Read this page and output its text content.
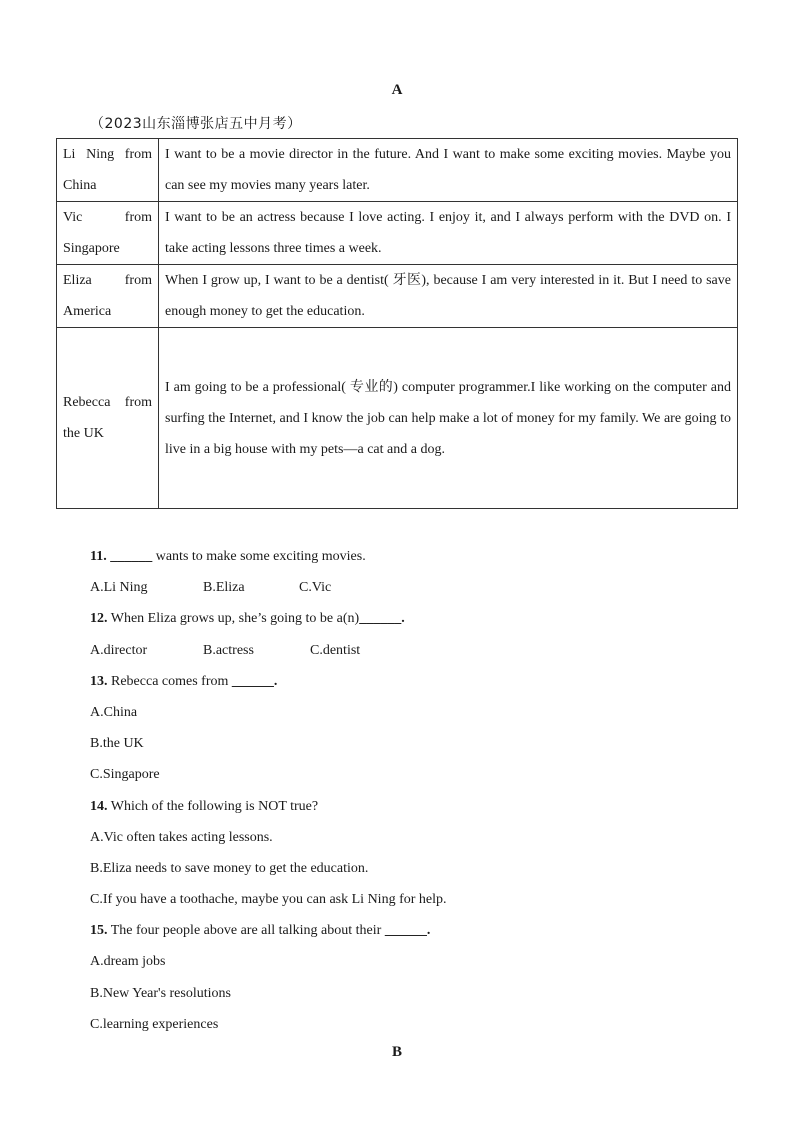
A
（2023山东淄博张店五中月考）
Li Ning from China	I want to be a movie director in the future. And I want to make some exciting movies. Maybe you can see my movies many years later.
Vic from Singapore	I want to be an actress because I love acting. I enjoy it, and I always perform with the DVD on. I take acting lessons three times a week.
Eliza from America	When I grow up, I want to be a dentist( 牙医), because I am very interested in it. But I need to save enough money to get the education.
Rebecca from the UK	I am going to be a professional( 专业的) computer programmer.I like working on the computer and surfing the Internet, and I know the job can help make a lot of money for my family. We are going to live in a big house with my pets—a cat and a dog.
11. ______ wants to make some exciting movies.
A.Li Ning	B.Eliza	C.Vic
12. When Eliza grows up, she’s going to be a(n)______.
A.director	B.actress	C.dentist
13. Rebecca comes from ______.
A.China
B.the UK
C.Singapore
14. Which of the following is NOT true?
A.Vic often takes acting lessons.
B.Eliza needs to save money to get the education.
C.If you have a toothache, maybe you can ask Li Ning for help.
15. The four people above are all talking about their ______.
A.dream jobs
B.New Year's resolutions
C.learning experiences
B
